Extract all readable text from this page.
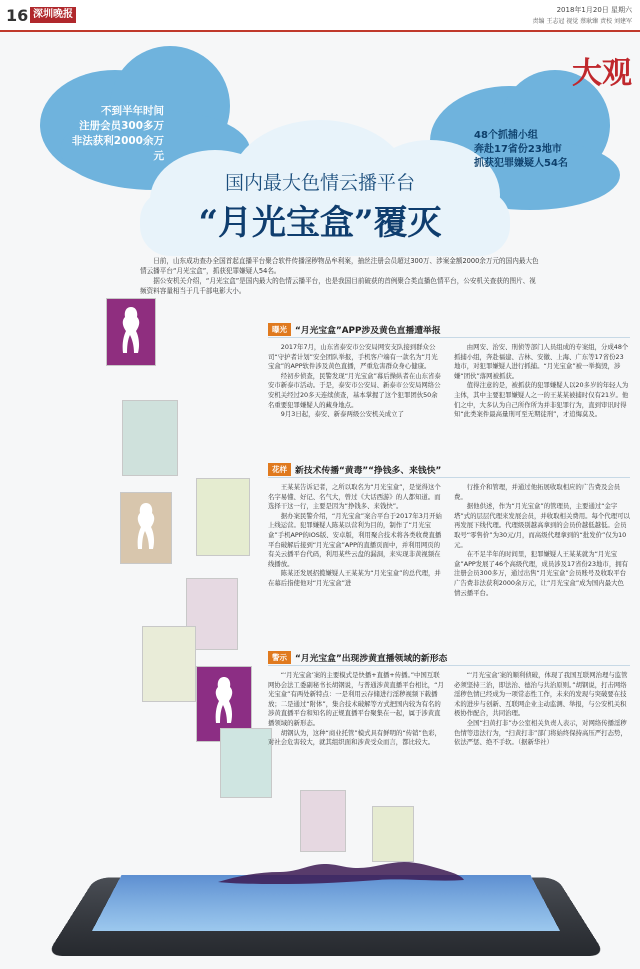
16 深圳晚报	2018年1月20日 星期六
责编 王志冠 视觉 蔡耿臻 责校 刘建军
大观
不到半年时间
注册会员300多万
非法获利2000余万元
48个抓捕小组
奔赴17省份23地市
抓获犯罪嫌疑人54名
国内最大色情云播平台
“月光宝盒”覆灭
日前，山东成功查办全国首起直播平台聚合软件传播淫秽物品牟利案，抽丝注册会员超过300万、涉案金额2000余万元的国内最大色情云播平台“月光宝盒”，抓获犯罪嫌疑人54名。
据公安机关介绍，“月光宝盒”是国内最大的色情云播平台，也是我国目前破获的首例聚合类直播色情平台，公安机关查获的图片、视频资料容量相当于几千部电影大小。
曝光 “月光宝盒”APP涉及黄色直播遭举报

2017年7月，山东省泰安市公安局网安支队接到群众公司“守护者计划”安全团队举报，手机客户端有一款名为“月光宝盒”的APP软件涉及黄色直播，严重危害群众身心健康。

经初步侦查，民警发现“月光宝盒”幕后操纵者在山东省泰安市新泰市活动。于是，泰安市公安局、新泰市公安局网络公安机关经过20多天连续侦查，基本掌握了这个犯罪团伙50余名重要犯罪嫌疑人的藏身地点。

9月3日起，泰安、新泰两级公安机关成立了

由网安、治安、刑侦等部门人员组成的专案组，分成48个抓捕小组，奔赴福建、吉林、安徽、上海、广东等17省份23地市，对犯罪嫌疑人进行抓捕。“月光宝盒”被一举捣毁，涉嫌“团伙”落网被抓获。

值得注意的是，被抓获的犯罪嫌疑人以20多岁的年轻人为主体，其中主要犯罪嫌疑人之一的王某某被捕时仅有21岁。他们之中，大多认为自己所作所为并非犯罪行为，直到审讯时得知“此类案件最高量刑可至无期徒刑”，才追悔莫及。

花样 新技术传播“黄毒”“挣钱多、来钱快”

王某某告诉记者，之所以取名为“月光宝盒”，是觉得这个名字易懂、好记、名气大，曾过《大话西游》的人都知道。而选择干这一行，主要是因为“挣钱多、来钱快”。

据办案民警介绍，“月光宝盒”案合平台于2017年3月开始上线运营。犯罪嫌疑人陈某以营利为目的，制作了“月光宝盒”手机APP的iOS版、安卓版，利用聚合技术将各类收费直播平台破解后接到“月光宝盒”APP的直播页面中，并利用网页的有关云播平台代码，利用某些云盘的漏洞，来实现非黄视频在线播放。

陈某还发展招揽嫌疑人王某某为“月光宝盒”的总代理，并在幕后指使他对“月光宝盒”进

行推介和管理，并通过他拓展收取相应的广告费及会员费。

据他供述，作为“月光宝盒”的管理员，主要通过“金字塔”式的层层代理来发展会员，并收取相关费用。每个代理可以再发展下线代理。代理级别越高拿到的会员价越低越低。会员取号“零售价”为30元/月，而高级代理拿到的“批发价”仅为10元。

在不足半年的时间里，犯罪嫌疑人王某某就为“月光宝盒”APP发展了46个高级代理，成员涉及17省份23地市，拥有注册会员300多万，通过出售“月光宝盒”会员账号及收取平台广告费非法获利2000余万元，让“月光宝盒”成为国内最大色情云播平台。

警示 “月光宝盒”出现涉黄直播领域的新形态

“‘月光宝盒’案的主要模式是快播+直播+传播。”中国互联网协会法工委副秘书长胡钢说，与普通涉黄直播平台相比，“月光宝盒”有两处新特点：一是利用云存储进行淫秽视频下载播放；二是通过“附体”，集合技术破解等方式把国内较为有名的涉黄直播平台和知名的正规直播平台聚集在一起，属于涉黄直播领域的新形态。

胡钢认为，这种“商业托管”模式具有鲜明的“传销”色彩，对社会危害较大，就其组织面和涉黄受众而言，都比较大。

“‘月光宝盒’案的顺利侦破，体现了我国互联网治理与监管必须坚持三治，即法治、德治与共治原则。”胡钢说，打击网络淫秽色情已经成为一项常态性工作，未来的发现与突破要在技术的进步与创新、互联网企业主动监测、举报，与公安机关积极协作配合，共同治理。

全国“扫黄打非”办公室相关负责人表示，对网络传播淫秽色情等违法行为，“扫黄打非”部门将始终保持高压严打态势，依法严惩、绝不手软。（据新华社）
